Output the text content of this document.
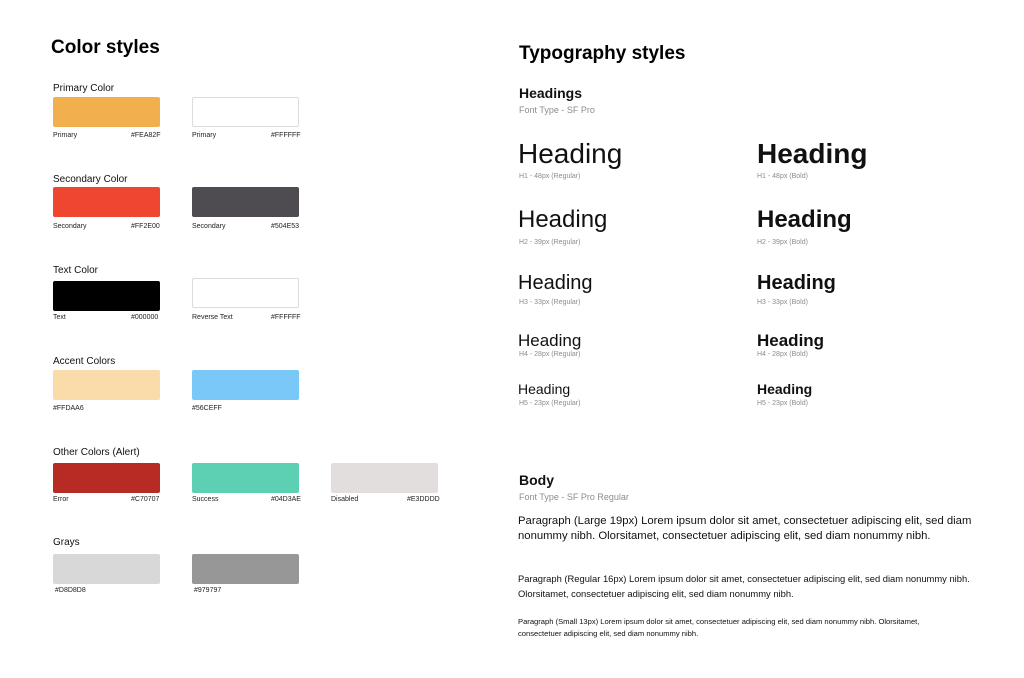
Color styles
Primary Color
Primary	#FEA82F	Primary	#FFFFFF
Secondary Color
Secondary	#FF2E00	Secondary	#504E53
Text Color
Text	#000000	Reverse Text	#FFFFFF
Accent Colors
#FFDAA6	#56CEFF
Other Colors (Alert)
Error	#C70707	Success	#04D3AE	Disabled	#E3DDDD
Grays
#D8D8D8	#979797
Typography styles
Headings
Font Type - SF Pro
Heading
H1 - 48px (Regular)
Heading
H1 - 48px (Bold)
Heading
H2 - 39px (Regular)
Heading
H2 - 39px (Bold)
Heading
H3 - 33px (Regular)
Heading
H3 - 33px (Bold)
Heading
H4 - 28px (Regular)
Heading
H4 - 28px (Bold)
Heading
H5 - 23px (Regular)
Heading
H5 - 23px (Bold)
Body
Font Type - SF Pro Regular
Paragraph (Large 19px) Lorem ipsum dolor sit amet, consectetuer adipiscing elit, sed diam nonummy nibh. Olorsitamet, consectetuer adipiscing elit, sed diam nonummy nibh.
Paragraph (Regular 16px) Lorem ipsum dolor sit amet, consectetuer adipiscing elit, sed diam nonummy nibh. Olorsitamet, consectetuer adipiscing elit, sed diam nonummy nibh.
Paragraph (Small 13px) Lorem ipsum dolor sit amet, consectetuer adipiscing elit, sed diam nonummy nibh. Olorsitamet, consectetuer adipiscing elit, sed diam nonummy nibh.
